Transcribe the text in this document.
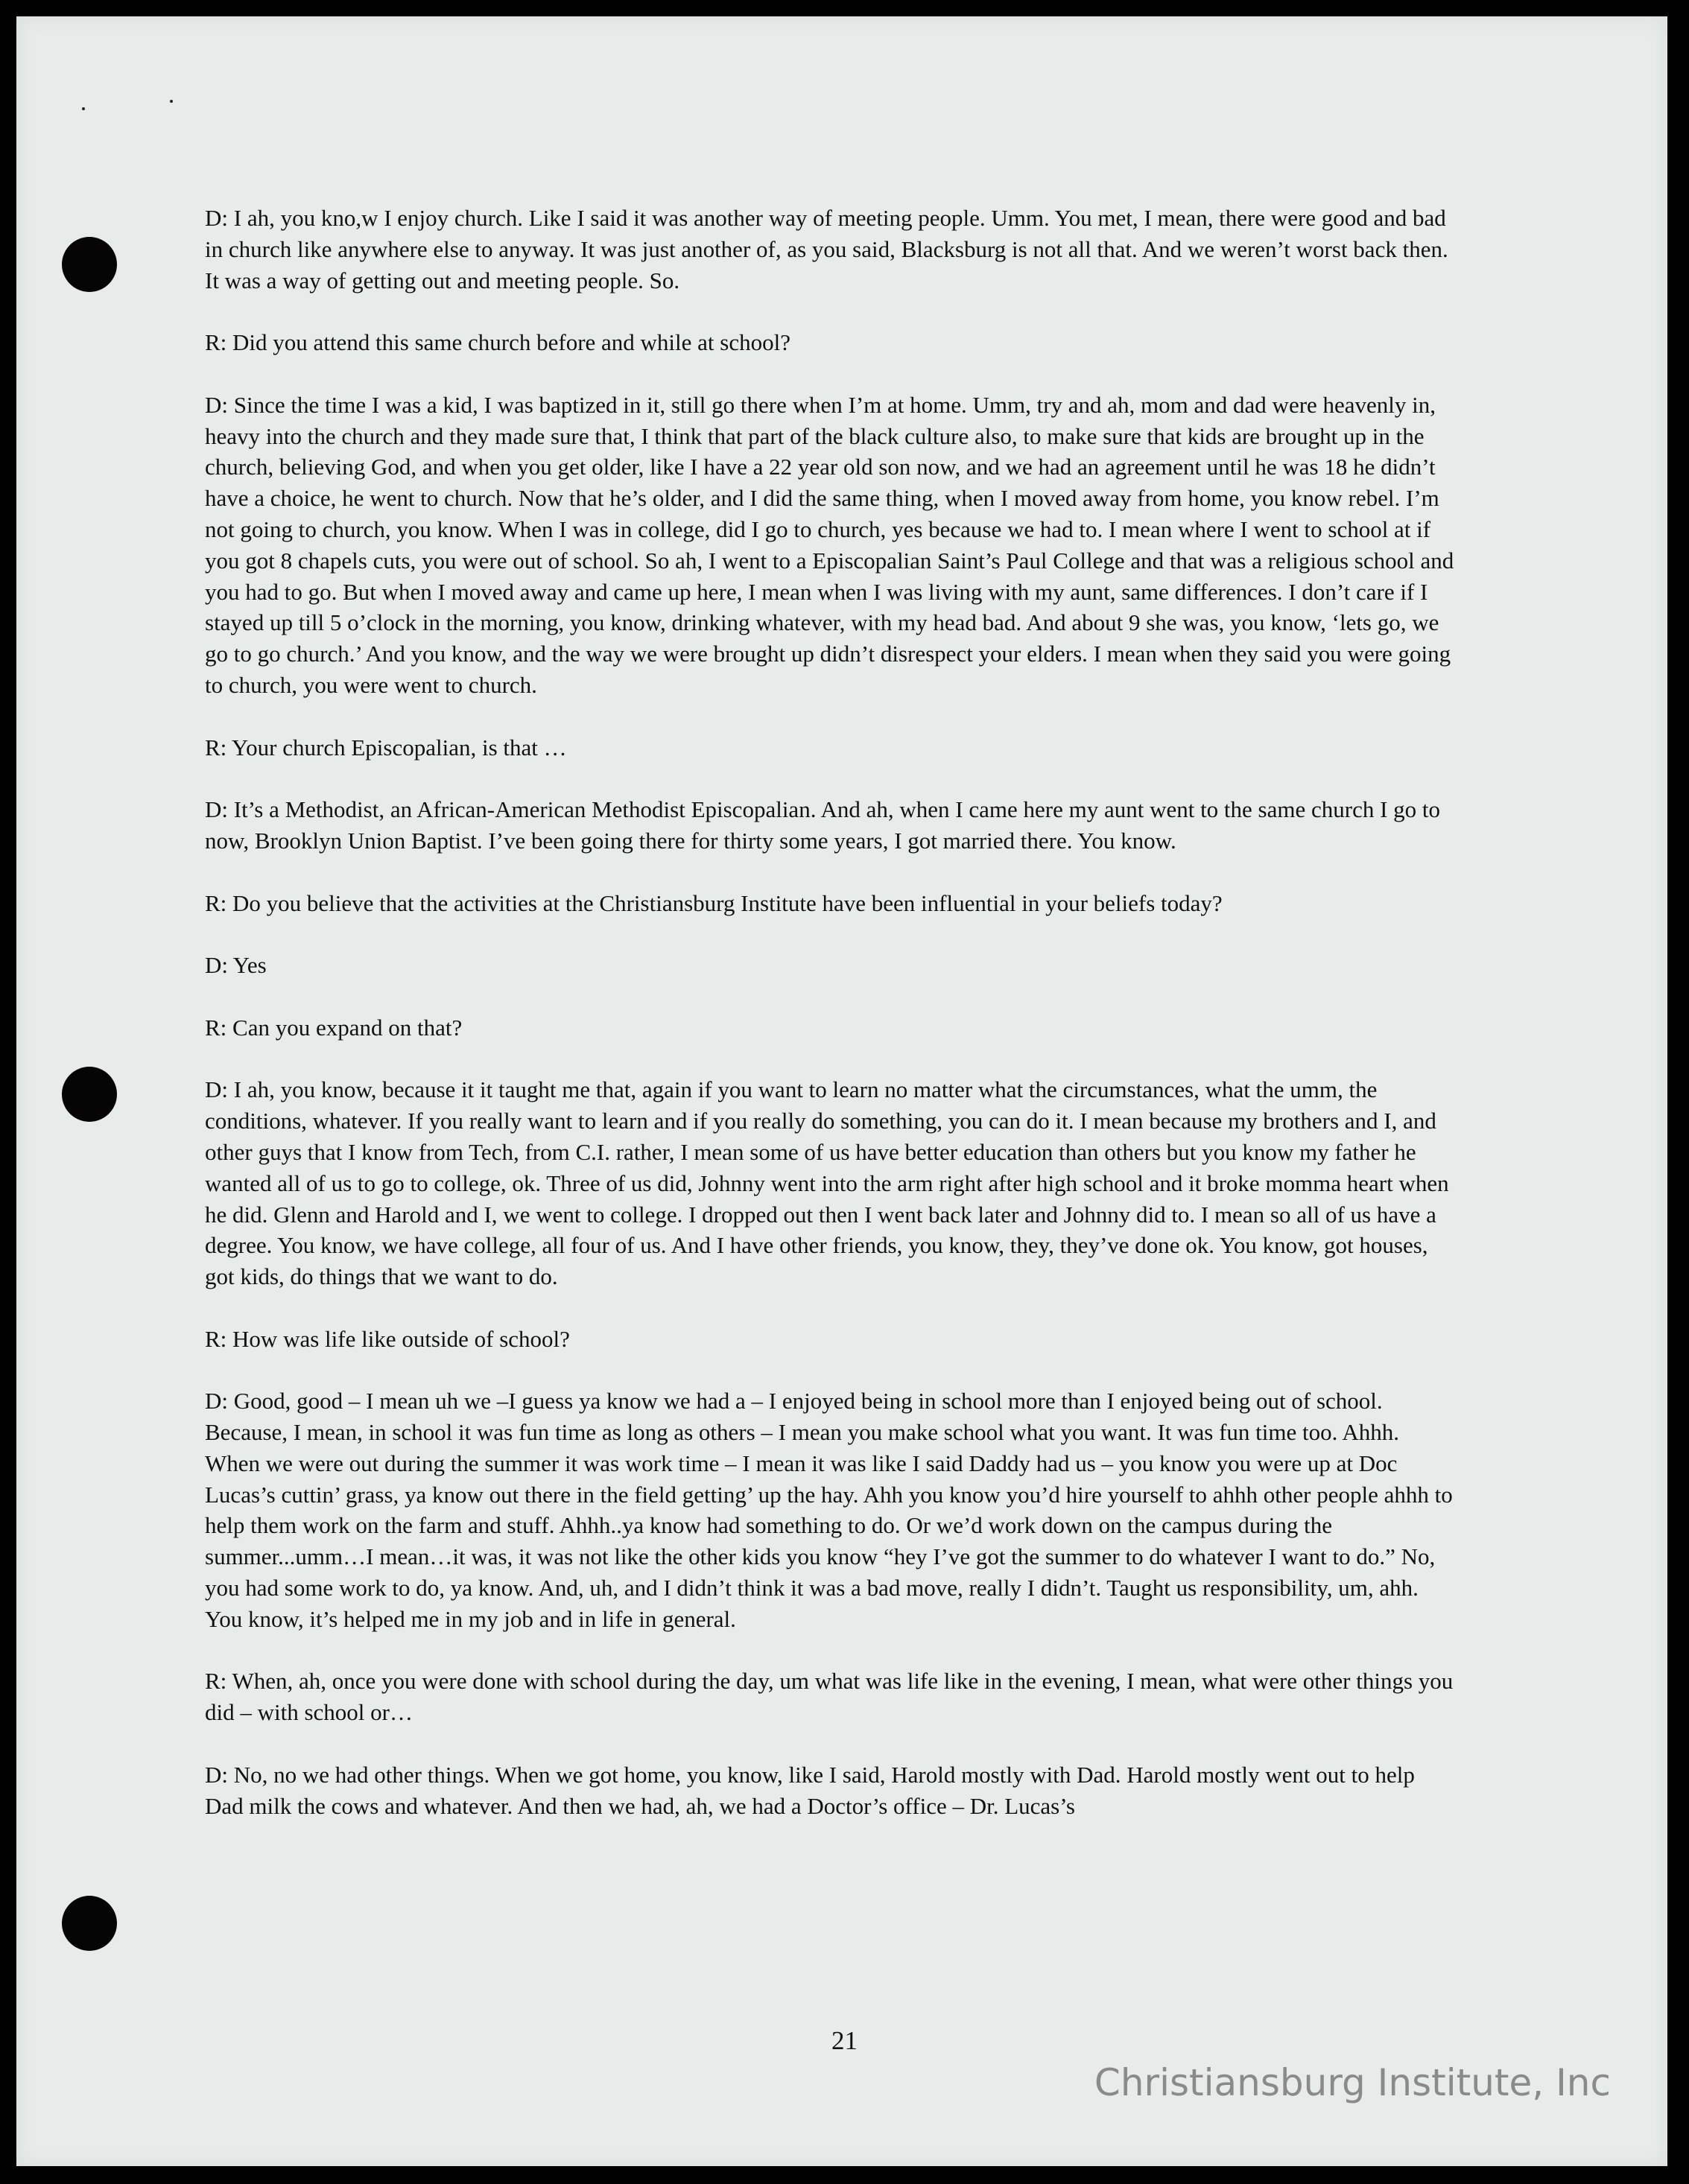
D: I ah, you kno,w I enjoy church. Like I said it was another way of meeting people. Umm. You met, I mean, there were good and bad in church like anywhere else to anyway. It was just another of, as you said, Blacksburg is not all that. And we weren’t worst back then. It was a way of getting out and meeting people. So.

R: Did you attend this same church before and while at school?

D: Since the time I was a kid, I was baptized in it, still go there when I’m at home. Umm, try and ah, mom and dad were heavenly in, heavy into the church and they made sure that, I think that part of the black culture also, to make sure that kids are brought up in the church, believing God, and when you get older, like I have a 22 year old son now, and we had an agreement until he was 18 he didn’t have a choice, he went to church. Now that he’s older, and I did the same thing, when I moved away from home, you know rebel. I’m not going to church, you know. When I was in college, did I go to church, yes because we had to. I mean where I went to school at if you got 8 chapels cuts, you were out of school. So ah, I went to a Episcopalian Saint’s Paul College and that was a religious school and you had to go. But when I moved away and came up here, I mean when I was living with my aunt, same differences. I don’t care if I stayed up till 5 o’clock in the morning, you know, drinking whatever, with my head bad. And about 9 she was, you know, ‘lets go, we go to go church.’ And you know, and the way we were brought up didn’t disrespect your elders. I mean when they said you were going to church, you were went to church.

R: Your church Episcopalian, is that …

D: It’s a Methodist, an African-American Methodist Episcopalian. And ah, when I came here my aunt went to the same church I go to now, Brooklyn Union Baptist. I’ve been going there for thirty some years, I got married there. You know.

R: Do you believe that the activities at the Christiansburg Institute have been influential in your beliefs today?

D: Yes

R: Can you expand on that?

D: I ah, you know, because it it taught me that, again if you want to learn no matter what the circumstances, what the umm, the conditions, whatever. If you really want to learn and if you really do something, you can do it. I mean because my brothers and I, and other guys that I know from Tech, from C.I. rather, I mean some of us have better education than others but you know my father he wanted all of us to go to college, ok. Three of us did, Johnny went into the arm right after high school and it broke momma heart when he did. Glenn and Harold and I, we went to college. I dropped out then I went back later and Johnny did to. I mean so all of us have a degree. You know, we have college, all four of us. And I have other friends, you know, they, they’ve done ok. You know, got houses, got kids, do things that we want to do.

R: How was life like outside of school?

D: Good, good – I mean uh we –I guess ya know we had a – I enjoyed being in school more than I enjoyed being out of school. Because, I mean, in school it was fun time as long as others – I mean you make school what you want. It was fun time too. Ahhh. When we were out during the summer it was work time – I mean it was like I said Daddy had us – you know you were up at Doc Lucas’s cuttin’ grass, ya know out there in the field getting’ up the hay. Ahh you know you’d hire yourself to ahhh other people ahhh to help them work on the farm and stuff. Ahhh..ya know had something to do. Or we’d work down on the campus during the summer...umm…I mean…it was, it was not like the other kids you know “hey I’ve got the summer to do whatever I want to do.” No, you had some work to do, ya know. And, uh, and I didn’t think it was a bad move, really I didn’t. Taught us responsibility, um, ahh. You know, it’s helped me in my job and in life in general.

R: When, ah, once you were done with school during the day, um what was life like in the evening, I mean, what were other things you did – with school or…

D: No, no we had other things. When we got home, you know, like I said, Harold mostly with Dad. Harold mostly went out to help Dad milk the cows and whatever. And then we had, ah, we had a Doctor’s office – Dr. Lucas’s

21
Christiansburg Institute, Inc
